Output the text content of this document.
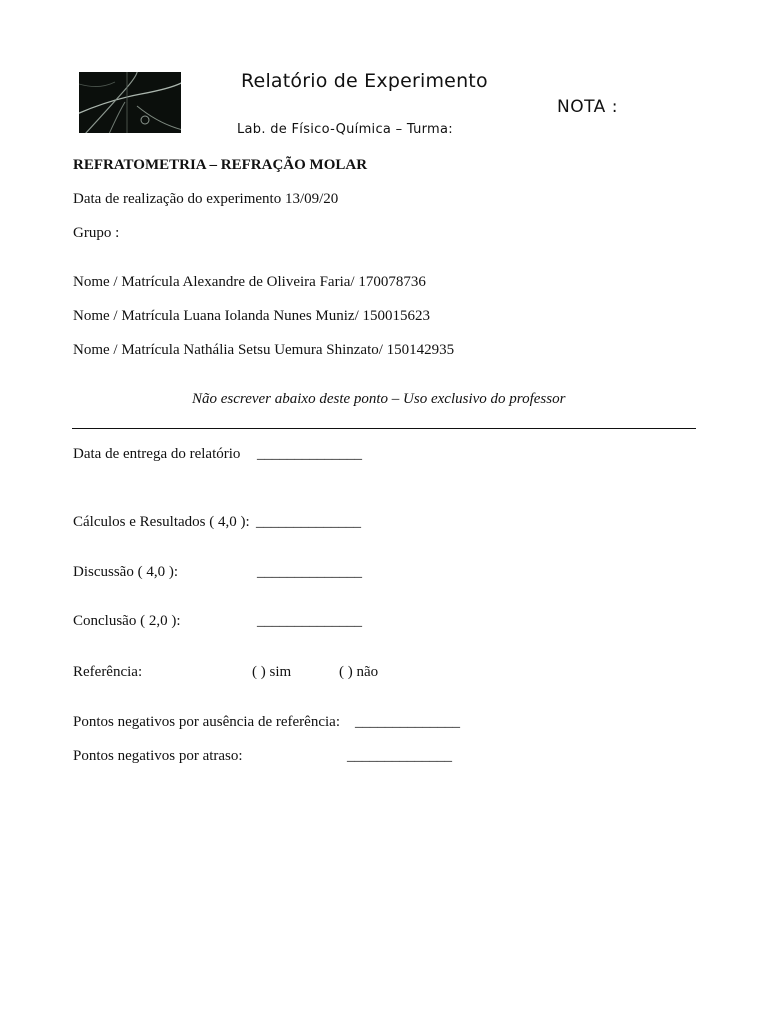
Relatório de Experimento
NOTA :
Lab. de Físico-Química – Turma:
REFRATOMETRIA – REFRAÇÃO MOLAR
Data de realização do experimento 13/09/20
Grupo :
Nome / Matrícula Alexandre de Oliveira Faria/ 170078736
Nome / Matrícula Luana Iolanda Nunes Muniz/ 150015623
Nome / Matrícula Nathália Setsu Uemura Shinzato/ 150142935
Não escrever abaixo deste ponto – Uso exclusivo do professor
Data de entrega do relatório ______________
Cálculos e Resultados ( 4,0 ): ______________
Discussão ( 4,0 ):	______________
Conclusão ( 2,0 ):	______________
Referência:	( ) sim	( ) não
Pontos negativos por ausência de referência: ______________
Pontos negativos por atraso:	______________
